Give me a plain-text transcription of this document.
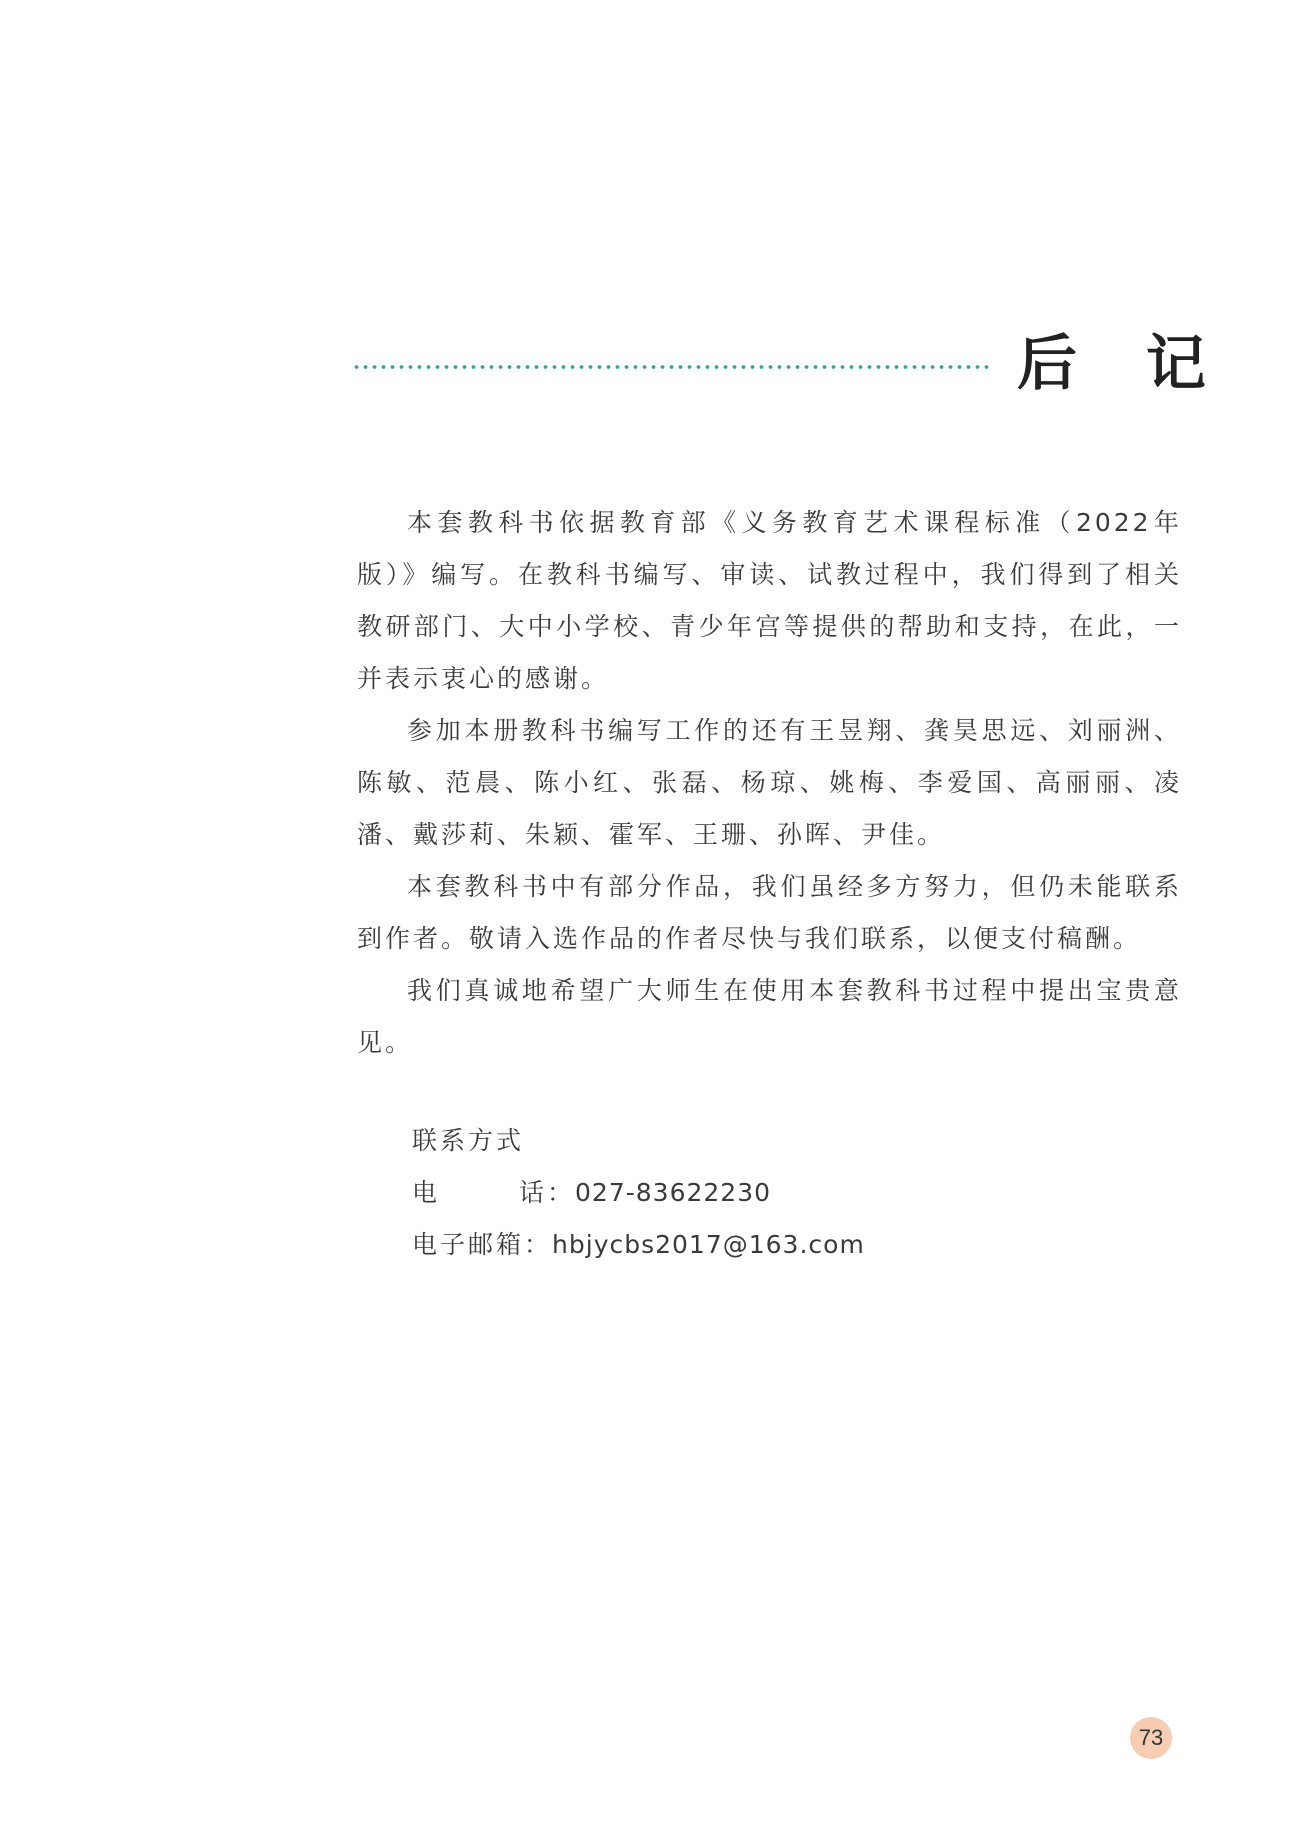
后 记

本套教科书依据教育部《义务教育艺术课程标准（2022年版）》编写。在教科书编写、审读、试教过程中，我们得到了相关教研部门、大中小学校、青少年宫等提供的帮助和支持，在此，一并表示衷心的感谢。

参加本册教科书编写工作的还有王昱翔、龚昊思远、刘丽洲、陈敏、范晨、陈小红、张磊、杨琼、姚梅、李爱国、高丽丽、凌潘、戴莎莉、朱颖、霍军、王珊、孙晖、尹佳。

本套教科书中有部分作品，我们虽经多方努力，但仍未能联系到作者。敬请入选作品的作者尽快与我们联系，以便支付稿酬。

我们真诚地希望广大师生在使用本套教科书过程中提出宝贵意见。

联系方式
电话 ： 027-83622230
电子邮箱 ： hbjycbs2017@163.com
73
